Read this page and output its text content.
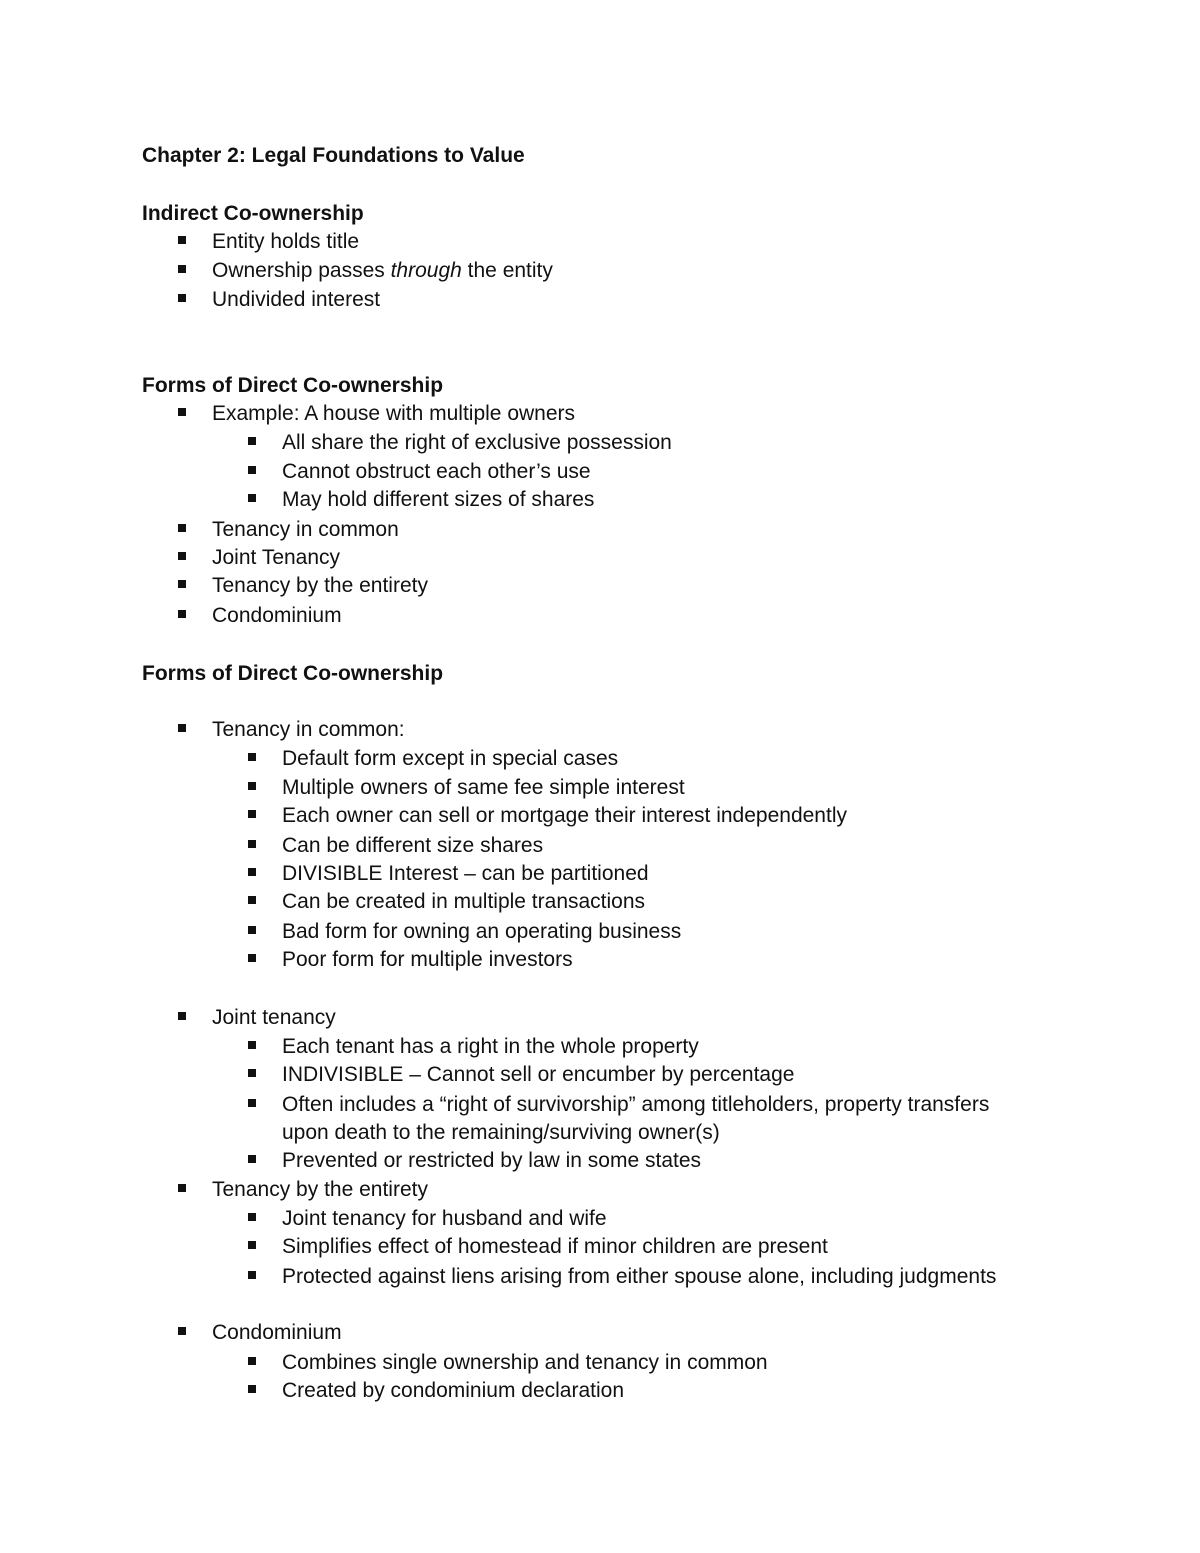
Chapter 2: Legal Foundations to Value
Indirect Co-ownership
Entity holds title
Ownership passes through the entity
Undivided interest
Forms of Direct Co-ownership
Example: A house with multiple owners
All share the right of exclusive possession
Cannot obstruct each other’s use
May hold different sizes of shares
Tenancy in common
Joint Tenancy
Tenancy by the entirety
Condominium
Forms of Direct Co-ownership
Tenancy in common:
Default form except in special cases
Multiple owners of same fee simple interest
Each owner can sell or mortgage their interest independently
Can be different size shares
DIVISIBLE Interest – can be partitioned
Can be created in multiple transactions
Bad form for owning an operating business
Poor form for multiple investors
Joint tenancy
Each tenant has a right in the whole property
INDIVISIBLE – Cannot sell or encumber by percentage
Often includes a “right of survivorship” among titleholders, property transfers
upon death to the remaining/surviving owner(s)
Prevented or restricted by law in some states
Tenancy by the entirety
Joint tenancy for husband and wife
Simplifies effect of homestead if minor children are present
Protected against liens arising from either spouse alone, including judgments
Condominium
Combines single ownership and tenancy in common
Created by condominium declaration
